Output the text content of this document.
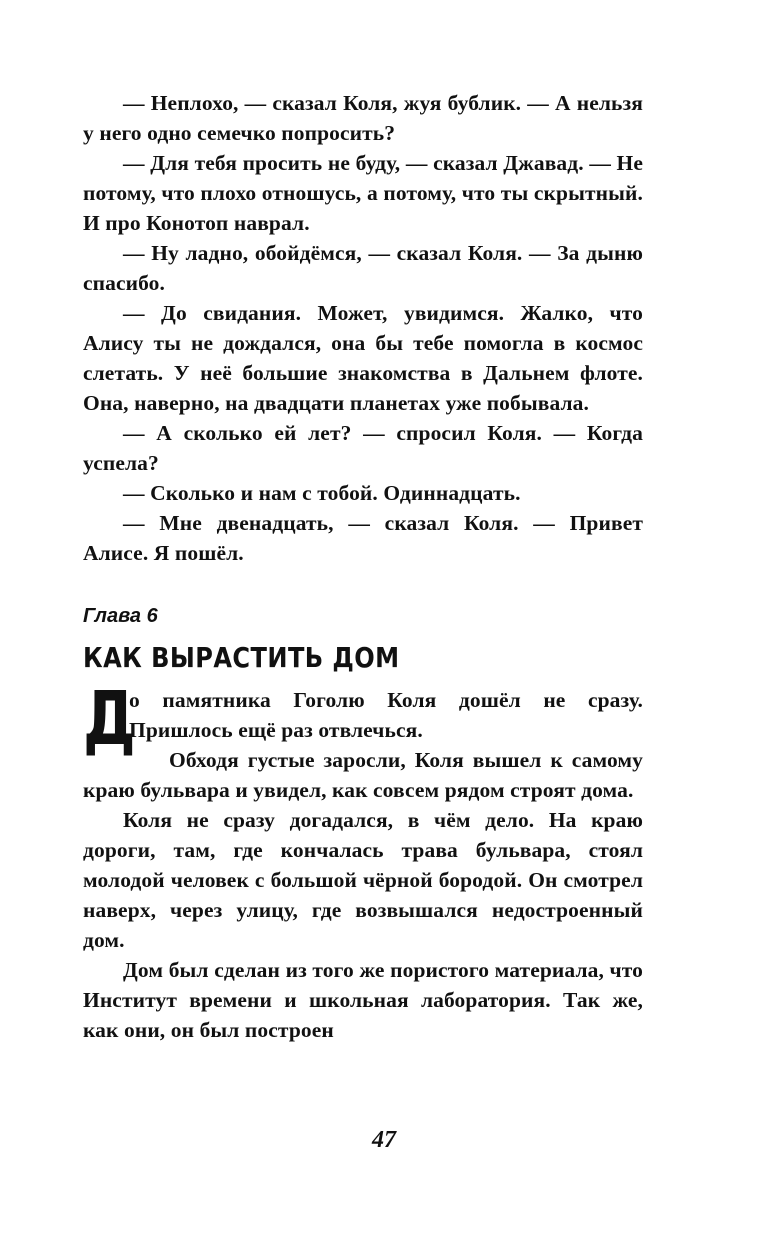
— Неплохо, — сказал Коля, жуя бублик. — А нельзя у него одно семечко попросить?

— Для тебя просить не буду, — сказал Джавад. — Не потому, что плохо отношусь, а потому, что ты скрытный. И про Конотоп наврал.

— Ну ладно, обойдёмся, — сказал Коля. — За дыню спасибо.

— До свидания. Может, увидимся. Жалко, что Алису ты не дождался, она бы тебе помогла в космос слетать. У неё большие знакомства в Дальнем флоте. Она, наверно, на двадцати планетах уже побывала.

— А сколько ей лет? — спросил Коля. — Когда успела?

— Сколько и нам с тобой. Одиннадцать.

— Мне двенадцать, — сказал Коля. — Привет Алисе. Я пошёл.

Глава 6
КАК ВЫРАСТИТЬ ДОМ

Д
о памятника Гоголю Коля дошёл не сразу. Пришлось ещё раз отвлечься.

Обходя густые заросли, Коля вышел к самому краю бульвара и увидел, как совсем рядом строят дома.

Коля не сразу догадался, в чём дело. На краю дороги, там, где кончалась трава бульвара, стоял молодой человек с большой чёрной бородой. Он смотрел наверх, через улицу, где возвышался недостроенный дом.

Дом был сделан из того же пористого материала, что Институт времени и школьная лаборатория. Так же, как они, он был построен

47
